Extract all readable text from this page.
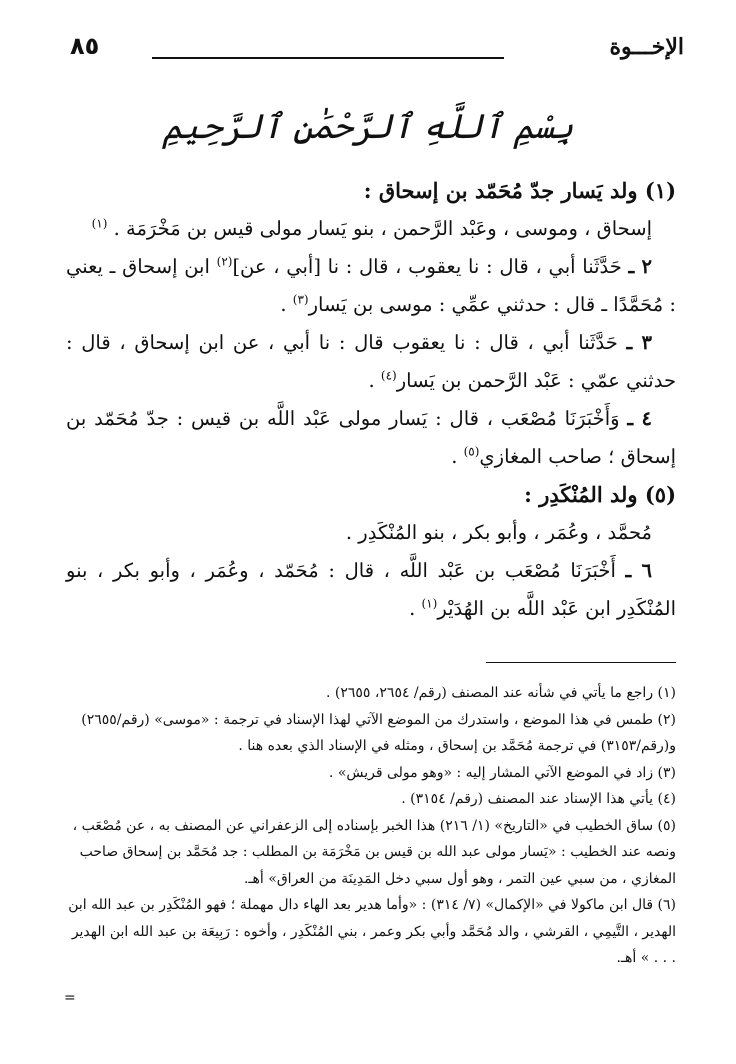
الإخـــوة
٨٥
بِسْمِ ٱللَّهِ ٱلرَّحْمَٰنِ ٱلرَّحِيمِ
(١) ولد يَسار جدّ مُحَمّد بن إسحاق :
إسحاق ، وموسى ، وعَبْد الرَّحمن ، بنو يَسار مولى قيس بن مَخْرَمَة . $^{(١)}$
٢ ـ حَدَّثَنا أبي ، قال : نا يعقوب ، قال : نا [أبي ، عن]$^{(٢)}$ ابن إسحاق ـ يعني : مُحَمَّدًا ـ قال : حدثني عمِّي : موسى بن يَسار$^{(٣)}$ .
٣ ـ حَدَّثَنا أبي ، قال : نا يعقوب قال : نا أبي ، عن ابن إسحاق ، قال : حدثني عمّي : عَبْد الرَّحمن بن يَسار$^{(٤)}$ .
٤ ـ وَأَخْبَرَنَا مُصْعَب ، قال : يَسار مولى عَبْد اللَّه بن قيس : جدّ مُحَمّد بن إسحاق ؛ صاحب المغازي$^{(٥)}$ .
(٥) ولد المُنْكَدِر :
مُحمَّد ، وعُمَر ، وأبو بكر ، بنو المُنْكَدِر .
٦ ـ أَخْبَرَنَا مُصْعَب بن عَبْد اللَّه ، قال : مُحَمّد ، وعُمَر ، وأبو بكر ، بنو المُنْكَدِر ابن عَبْد اللَّه بن الهُدَيْر$^{(١)}$ .

(١) راجع ما يأتي في شأنه عند المصنف (رقم/ ٢٦٥٤، ٢٦٥٥) .

(٢) طمس في هذا الموضع ، واستدرك من الموضع الآتي لهذا الإسناد في ترجمة : «موسى» (رقم/٢٦٥٥) و(رقم/٣١٥٣) في ترجمة مُحَمَّد بن إسحاق ، ومثله في الإسناد الذي بعده هنا .

(٣) زاد في الموضع الآتي المشار إليه : «وهو مولى قريش» .

(٤) يأتي هذا الإسناد عند المصنف (رقم/ ٣١٥٤) .

(٥) ساق الخطيب في «التاريخ» (١/ ٢١٦) هذا الخبر بإسناده إلى الزعفراني عن المصنف به ، عن مُصْعَب ، ونصه عند الخطيب : «يَسار مولى عبد الله بن قيس بن مَخْرَمَة بن المطلب : جد مُحَمَّد بن إسحاق صاحب المغازي ، من سبي عين التمر ، وهو أول سبي دخل المَدِينَة من العراق» أهـ.

(٦) قال ابن ماكولا في «الإكمال» (٧/ ٣١٤) : «وأما هدير بعد الهاء دال مهملة ؛ فهو المُنْكَدِر بن عبد الله ابن الهدير ، التَّيمِي ، القرشي ، والد مُحَمَّد وأبي بكر وعمر ، بني المُنْكَدِر ، وأخوه : رَبِيعَة بن عبد الله ابن الهدير . . . » أهـ.

=
